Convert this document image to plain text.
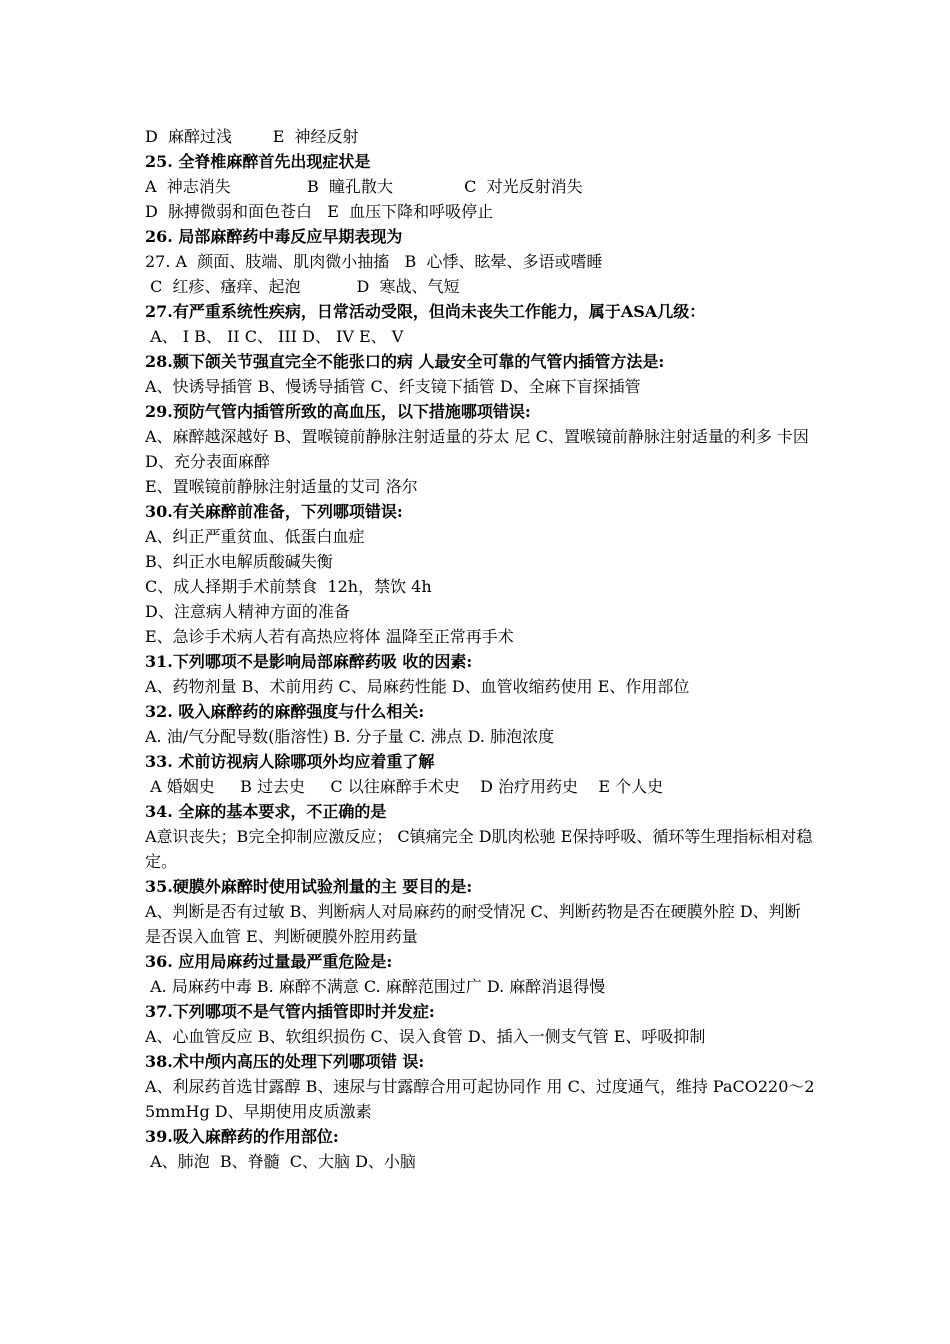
D  麻醉过浅        E  神经反射
25. 全脊椎麻醉首先出现症状是
A  神志消失               B  瞳孔散大              C  对光反射消失
D  脉搏微弱和面色苍白   E  血压下降和呼吸停止
26. 局部麻醉药中毒反应早期表现为
27. A  颜面、肢端、肌肉微小抽搐   B  心悸、眩晕、多语或嗜睡
C  红疹、瘙痒、起泡           D  寒战、气短
27.有严重系统性疾病，日常活动受限，但尚未丧失工作能力，属于ASA几级：
A、 I B、 II C、 III D、 IV E、 V
28.颞下颌关节强直完全不能张口的病 人最安全可靠的气管内插管方法是:
A、快诱导插管 B、慢诱导插管 C、纤支镜下插管 D、全麻下盲探插管
29.预防气管内插管所致的高血压，以下措施哪项错误:
A、麻醉越深越好 B、置喉镜前静脉注射适量的芬太 尼 C、置喉镜前静脉注射适量的利多 卡因 D、充分表面麻醉
E、置喉镜前静脉注射适量的艾司 洛尔
30.有关麻醉前准备，下列哪项错误:
A、纠正严重贫血、低蛋白血症
B、纠正水电解质酸碱失衡
C、成人择期手术前禁食  12h，禁饮 4h
D、注意病人精神方面的准备
E、急诊手术病人若有高热应将体 温降至正常再手术
31.下列哪项不是影响局部麻醉药吸 收的因素:
A、药物剂量 B、术前用药 C、局麻药性能 D、血管收缩药使用 E、作用部位
32. 吸入麻醉药的麻醉强度与什么相关:
A. 油/气分配导数(脂溶性) B. 分子量 C. 沸点 D. 肺泡浓度
33. 术前访视病人除哪项外均应着重了解
A 婚姻史     B 过去史     C 以往麻醉手术史    D 治疗用药史    E 个人史
34. 全麻的基本要求，不正确的是
A意识丧失；B完全抑制应激反应； C镇痛完全 D肌肉松驰 E保持呼吸、循环等生理指标相对稳定。
35.硬膜外麻醉时使用试验剂量的主 要目的是:
A、判断是否有过敏 B、判断病人对局麻药的耐受情况 C、判断药物是否在硬膜外腔 D、判断是否误入血管 E、判断硬膜外腔用药量
36. 应用局麻药过量最严重危险是:
A. 局麻药中毒 B. 麻醉不满意 C. 麻醉范围过广 D. 麻醉消退得慢
37.下列哪项不是气管内插管即时并发症:
A、心血管反应 B、软组织损伤 C、误入食管 D、插入一侧支气管 E、呼吸抑制
38.术中颅内高压的处理下列哪项错 误:
A、利尿药首选甘露醇 B、速尿与甘露醇合用可起协同作 用 C、过度通气，维持 PaCO220～25mmHg D、早期使用皮质激素
39.吸入麻醉药的作用部位:
A、肺泡  B、脊髓  C、大脑 D、小脑
